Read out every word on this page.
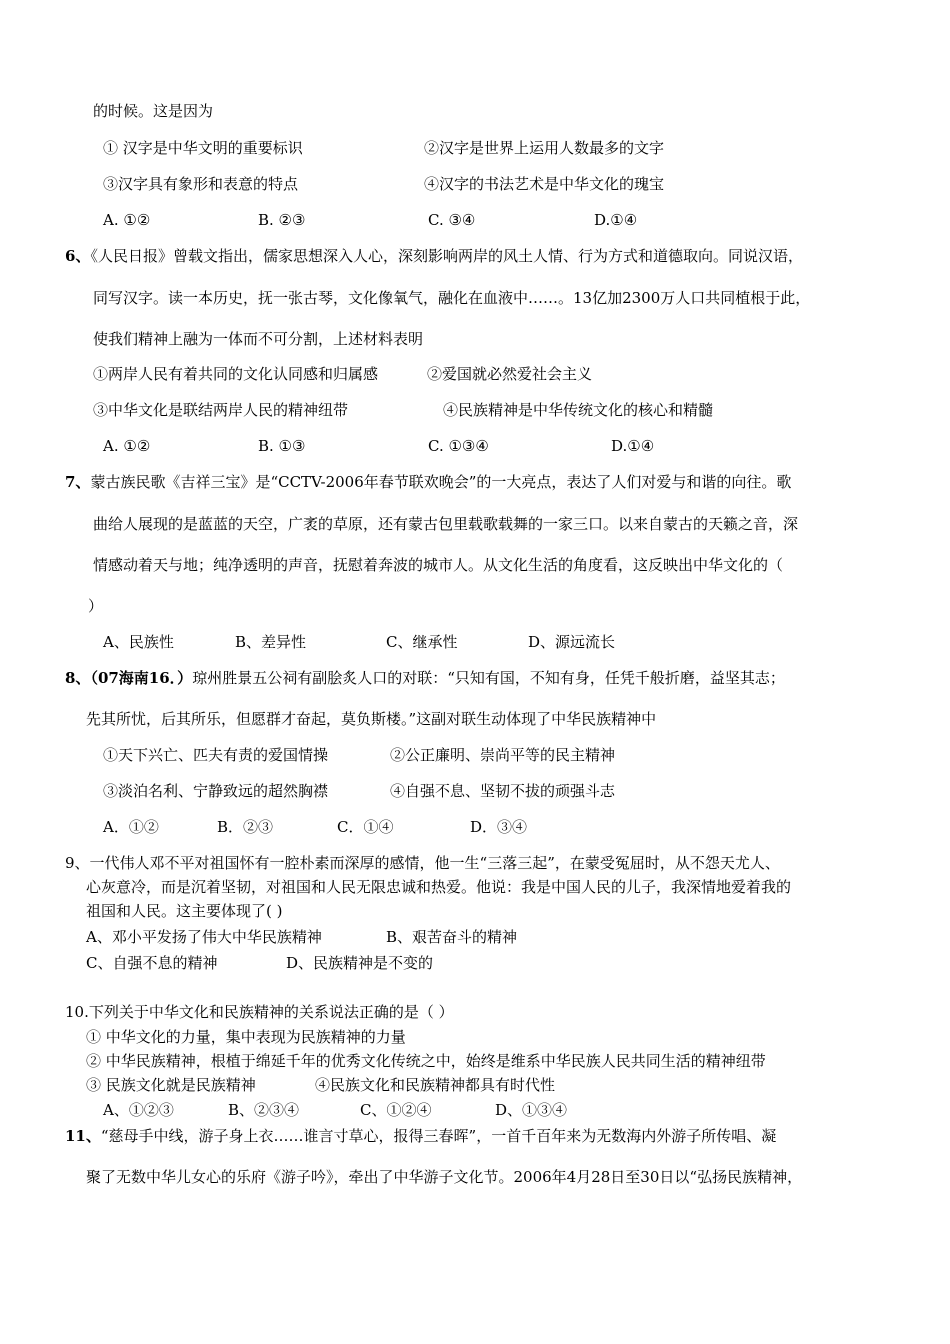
的时候。这是因为
① 汉字是中华文明的重要标识	②汉字是世界上运用人数最多的文字
③汉字具有象形和表意的特点	④汉字的书法艺术是中华文化的瑰宝
A. ①②	B. ②③	C. ③④	D.①④
6、《人民日报》曾载文指出，儒家思想深入人心，深刻影响两岸的风土人情、行为方式和道德取向。同说汉语，
同写汉字。读一本历史，抚一张古琴，文化像氧气，融化在血液中……。13亿加2300万人口共同植根于此，
使我们精神上融为一体而不可分割，上述材料表明
①两岸人民有着共同的文化认同感和归属感	②爱国就必然爱社会主义
③中华文化是联结两岸人民的精神纽带	④民族精神是中华传统文化的核心和精髓
A. ①②	B. ①③	C. ①③④	D.①④
7、蒙古族民歌《吉祥三宝》是“CCTV-2006年春节联欢晚会”的一大亮点，表达了人们对爱与和谐的向往。歌
曲给人展现的是蓝蓝的天空，广袤的草原，还有蒙古包里载歌载舞的一家三口。以来自蒙古的天籁之音，深
情感动着天与地；纯净透明的声音，抚慰着奔波的城市人。从文化生活的角度看，这反映出中华文化的（
）
A、民族性	B、差异性	C、继承性	D、源远流长
8、（07海南16．）琼州胜景五公祠有副脍炙人口的对联：“只知有国，不知有身，任凭千般折磨，益坚其志；
先其所忧，后其所乐，但愿群才奋起，莫负斯楼。”这副对联生动体现了中华民族精神中
①天下兴亡、匹夫有责的爱国情操	②公正廉明、崇尚平等的民主精神
③淡泊名利、宁静致远的超然胸襟	④自强不息、坚韧不拔的顽强斗志
A．①②	B．②③	C．①④	D．③④
9、一代伟人邓不平对祖国怀有一腔朴素而深厚的感情，他一生“三落三起”，在蒙受冤屈时，从不怨天尤人、
心灰意冷，而是沉着坚韧，对祖国和人民无限忠诚和热爱。他说：我是中国人民的儿子，我深情地爱着我的
祖国和人民。这主要体现了( )
A、邓小平发扬了伟大中华民族精神	B、艰苦奋斗的精神
C、自强不息的精神	D、民族精神是不变的
10.下列关于中华文化和民族精神的关系说法正确的是（ ）
① 中华文化的力量，集中表现为民族精神的力量
② 中华民族精神，根植于绵延千年的优秀文化传统之中，始终是维系中华民族人民共同生活的精神纽带
③ 民族文化就是民族精神	④民族文化和民族精神都具有时代性
A、①②③	B、②③④	C、①②④	D、①③④
11、“慈母手中线，游子身上衣……谁言寸草心，报得三春晖”，一首千百年来为无数海内外游子所传唱、凝
聚了无数中华儿女心的乐府《游子吟》，牵出了中华游子文化节。2006年4月28日至30日以“弘扬民族精神，
